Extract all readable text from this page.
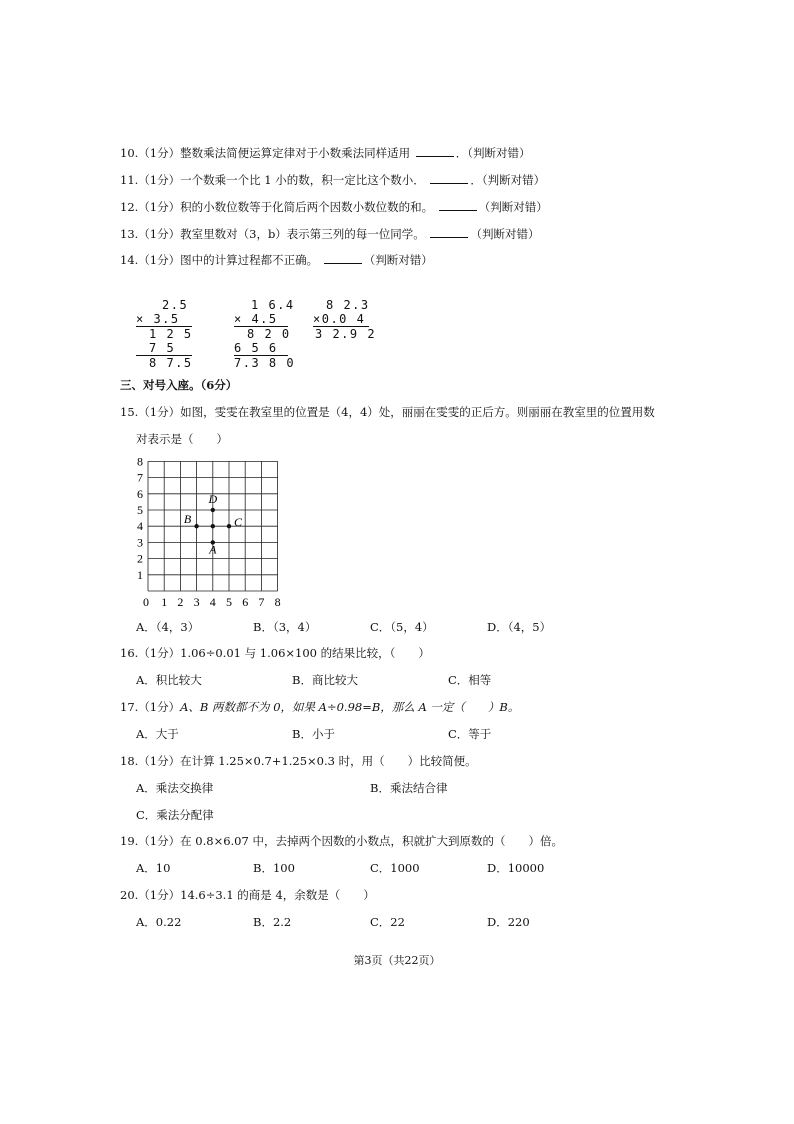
10.（1分）整数乘法简便运算定律对于小数乘法同样适用	．（判断对错）
11.（1分）一个数乘一个比 1 小的数，积一定比这个数小．	．（判断对错）
12.（1分）积的小数位数等于化简后两个因数小数位数的和。	（判断对错）
13.（1分）教室里数对（3，b）表示第三列的每一位同学。	（判断对错）
14.（1分）图中的计算过程都不正确。	（判断对错）
2.5
× 3.5
1 2 5
7 5
8 7.5
1 6.4
× 4.5
8 2 0
6 5 6
7.3 8 0
8 2.3
×0.0 4
3 2.9 2
三、对号入座。（6分）
15.（1分）如图，雯雯在教室里的位置是（4，4）处，丽丽在雯雯的正后方。则丽丽在教室里的位置用数
对表示是（　　）
8
7
6
5
4
3
2
1
0 1 2 3 4 5 6 7 8
D
B	C
A
A．（4，3）	B．（3，4）	C．（5，4）	D．（4，5）
16.（1分）1.06÷0.01 与 1.06×100 的结果比较，（　　）
A．积比较大	B．商比较大	C．相等
17.（1分）A、B 两数都不为 0，如果 A÷0.98=B，那么 A 一定（　　）B。
A．大于	B．小于	C．等于
18.（1分）在计算 1.25×0.7+1.25×0.3 时，用（　　）比较简便。
A．乘法交换律	B．乘法结合律
C．乘法分配律
19.（1分）在 0.8×6.07 中，去掉两个因数的小数点，积就扩大到原数的（　　）倍。
A．10	B．100	C．1000	D．10000
20.（1分）14.6÷3.1 的商是 4，余数是（　　）
A．0.22	B．2.2	C．22	D．220
第3页（共22页）
